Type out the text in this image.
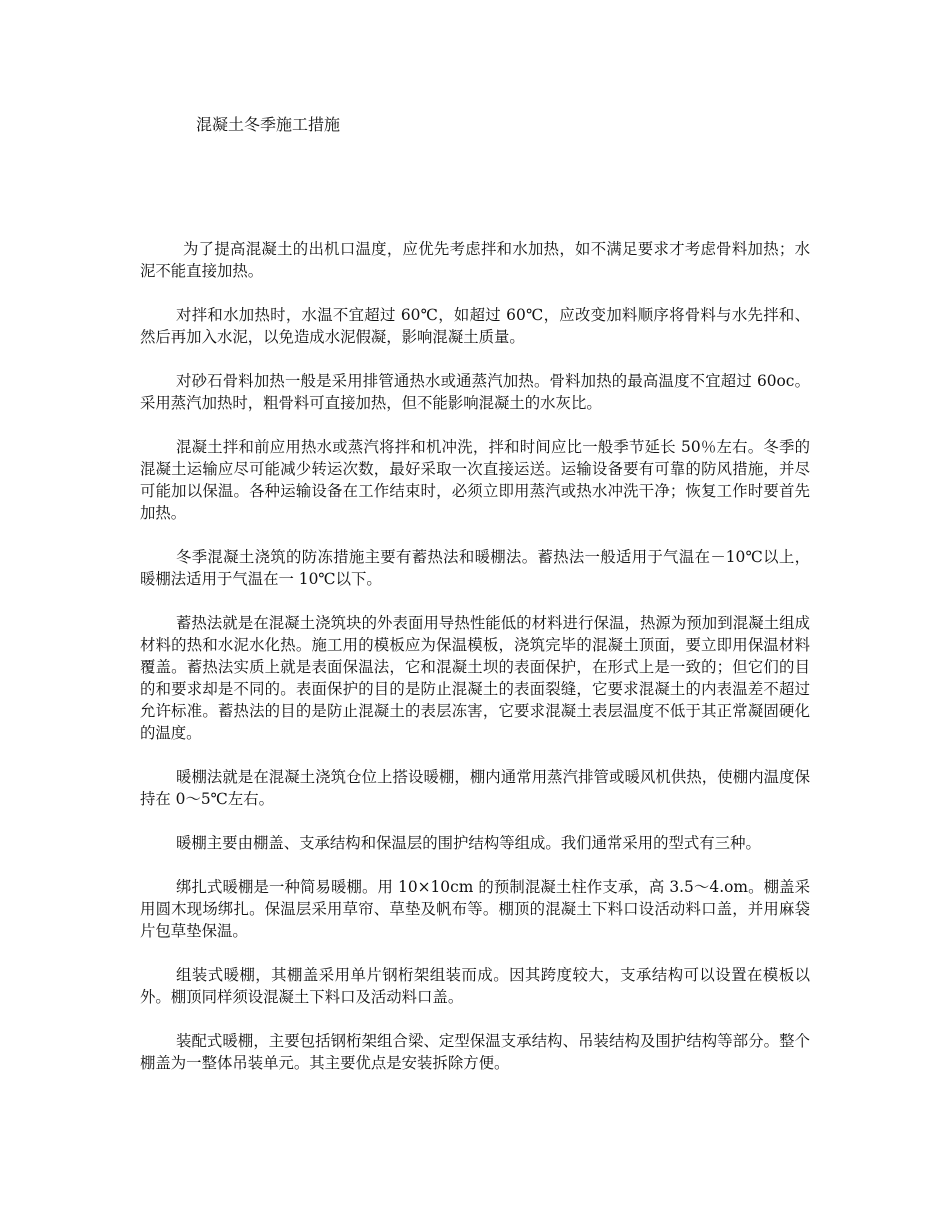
混凝土冬季施工措施

为了提高混凝土的出机口温度，应优先考虑拌和水加热，如不满足要求才考虑骨料加热；水泥不能直接加热。

对拌和水加热时，水温不宜超过 60℃，如超过 60℃，应改变加料顺序将骨料与水先拌和、然后再加入水泥，以免造成水泥假凝，影响混凝土质量。

对砂石骨料加热一般是采用排管通热水或通蒸汽加热。骨料加热的最高温度不宜超过 60oc。采用蒸汽加热时，粗骨料可直接加热，但不能影响混凝土的水灰比。

混凝土拌和前应用热水或蒸汽将拌和机冲洗，拌和时间应比一般季节延长 50％左右。冬季的混凝土运输应尽可能减少转运次数，最好采取一次直接运送。运输设备要有可靠的防风措施，并尽可能加以保温。各种运输设备在工作结束时，必须立即用蒸汽或热水冲洗干净；恢复工作时要首先加热。

冬季混凝土浇筑的防冻措施主要有蓄热法和暖棚法。蓄热法一般适用于气温在－10℃以上，暖棚法适用于气温在一 10℃以下。

蓄热法就是在混凝土浇筑块的外表面用导热性能低的材料进行保温，热源为预加到混凝土组成材料的热和水泥水化热。施工用的模板应为保温模板，浇筑完毕的混凝土顶面，要立即用保温材料覆盖。蓄热法实质上就是表面保温法，它和混凝土坝的表面保护，在形式上是一致的；但它们的目的和要求却是不同的。表面保护的目的是防止混凝土的表面裂缝，它要求混凝土的内表温差不超过允许标准。蓄热法的目的是防止混凝土的表层冻害，它要求混凝土表层温度不低于其正常凝固硬化的温度。

暖棚法就是在混凝土浇筑仓位上搭设暖棚，棚内通常用蒸汽排管或暖风机供热，使棚内温度保持在 0～5℃左右。

暖棚主要由棚盖、支承结构和保温层的围护结构等组成。我们通常采用的型式有三种。

绑扎式暖棚是一种简易暖棚。用 10×10cm 的预制混凝土柱作支承，高 3.5～4.om。棚盖采用圆木现场绑扎。保温层采用草帘、草垫及帆布等。棚顶的混凝土下料口设活动料口盖，并用麻袋片包草垫保温。

组装式暖棚，其棚盖采用单片钢桁架组装而成。因其跨度较大，支承结构可以设置在模板以外。棚顶同样须设混凝土下料口及活动料口盖。

装配式暖棚，主要包括钢桁架组合梁、定型保温支承结构、吊装结构及围护结构等部分。整个棚盖为一整体吊装单元。其主要优点是安装拆除方便。
